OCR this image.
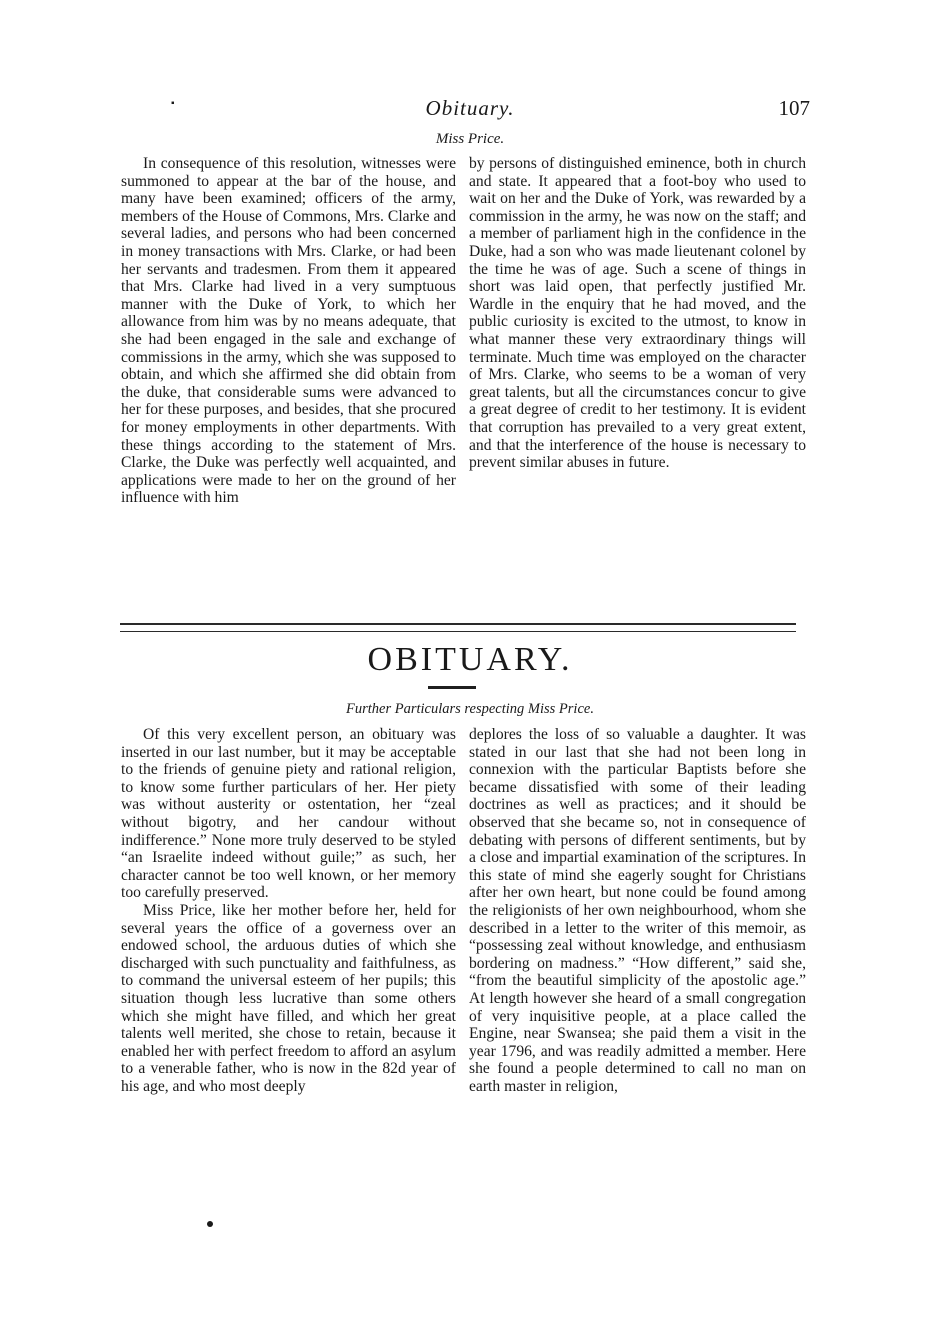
▪	Obituary.	107
Miss Price.

In consequence of this resolution, witnesses were summoned to appear at the bar of the house, and many have been examined; officers of the army, members of the House of Commons, Mrs. Clarke and several ladies, and persons who had been concerned in money transactions with Mrs. Clarke, or had been her servants and tradesmen. From them it appeared that Mrs. Clarke had lived in a very sumptuous manner with the Duke of York, to which her allowance from him was by no means adequate, that she had been engaged in the sale and exchange of commissions in the army, which she was supposed to obtain, and which she affirmed she did obtain from the duke, that considerable sums were advanced to her for these purposes, and besides, that she procured for money employments in other departments. With these things according to the statement of Mrs. Clarke, the Duke was perfectly well acquainted, and applications were made to her on the ground of her influence with him

by persons of distinguished eminence, both in church and state. It appeared that a foot-boy who used to wait on her and the Duke of York, was rewarded by a commission in the army, he was now on the staff; and a member of parliament high in the confidence in the Duke, had a son who was made lieutenant colonel by the time he was of age. Such a scene of things in short was laid open, that perfectly justified Mr. Wardle in the enquiry that he had moved, and the public curiosity is excited to the utmost, to know in what manner these very extraordinary things will terminate. Much time was employed on the character of Mrs. Clarke, who seems to be a woman of very great talents, but all the circumstances concur to give a great degree of credit to her testimony. It is evident that corruption has prevailed to a very great extent, and that the interference of the house is necessary to prevent similar abuses in future.

OBITUARY.
Further Particulars respecting Miss Price.

Of this very excellent person, an obituary was inserted in our last number, but it may be acceptable to the friends of genuine piety and rational religion, to know some further particulars of her. Her piety was without austerity or ostentation, her “zeal without bigotry, and her candour without indifference.” None more truly deserved to be styled “an Israelite indeed without guile;” as such, her character cannot be too well known, or her memory too carefully preserved.

Miss Price, like her mother before her, held for several years the office of a governess over an endowed school, the arduous duties of which she discharged with such punctuality and faithfulness, as to command the universal esteem of her pupils; this situation though less lucrative than some others which she might have filled, and which her great talents well merited, she chose to retain, because it enabled her with perfect freedom to afford an asylum to a venerable father, who is now in the 82d year of his age, and who most deeply

deplores the loss of so valuable a daughter. It was stated in our last that she had not been long in connexion with the particular Baptists before she became dissatisfied with some of their leading doctrines as well as practices; and it should be observed that she became so, not in consequence of debating with persons of different sentiments, but by a close and impartial examination of the scriptures. In this state of mind she eagerly sought for Christians after her own heart, but none could be found among the religionists of her own neighbourhood, whom she described in a letter to the writer of this memoir, as “possessing zeal without knowledge, and enthusiasm bordering on madness.” “How different,” said she, “from the beautiful simplicity of the apostolic age.” At length however she heard of a small congregation of very inquisitive people, at a place called the Engine, near Swansea; she paid them a visit in the year 1796, and was readily admitted a member. Here she found a people determined to call no man on earth master in religion,
